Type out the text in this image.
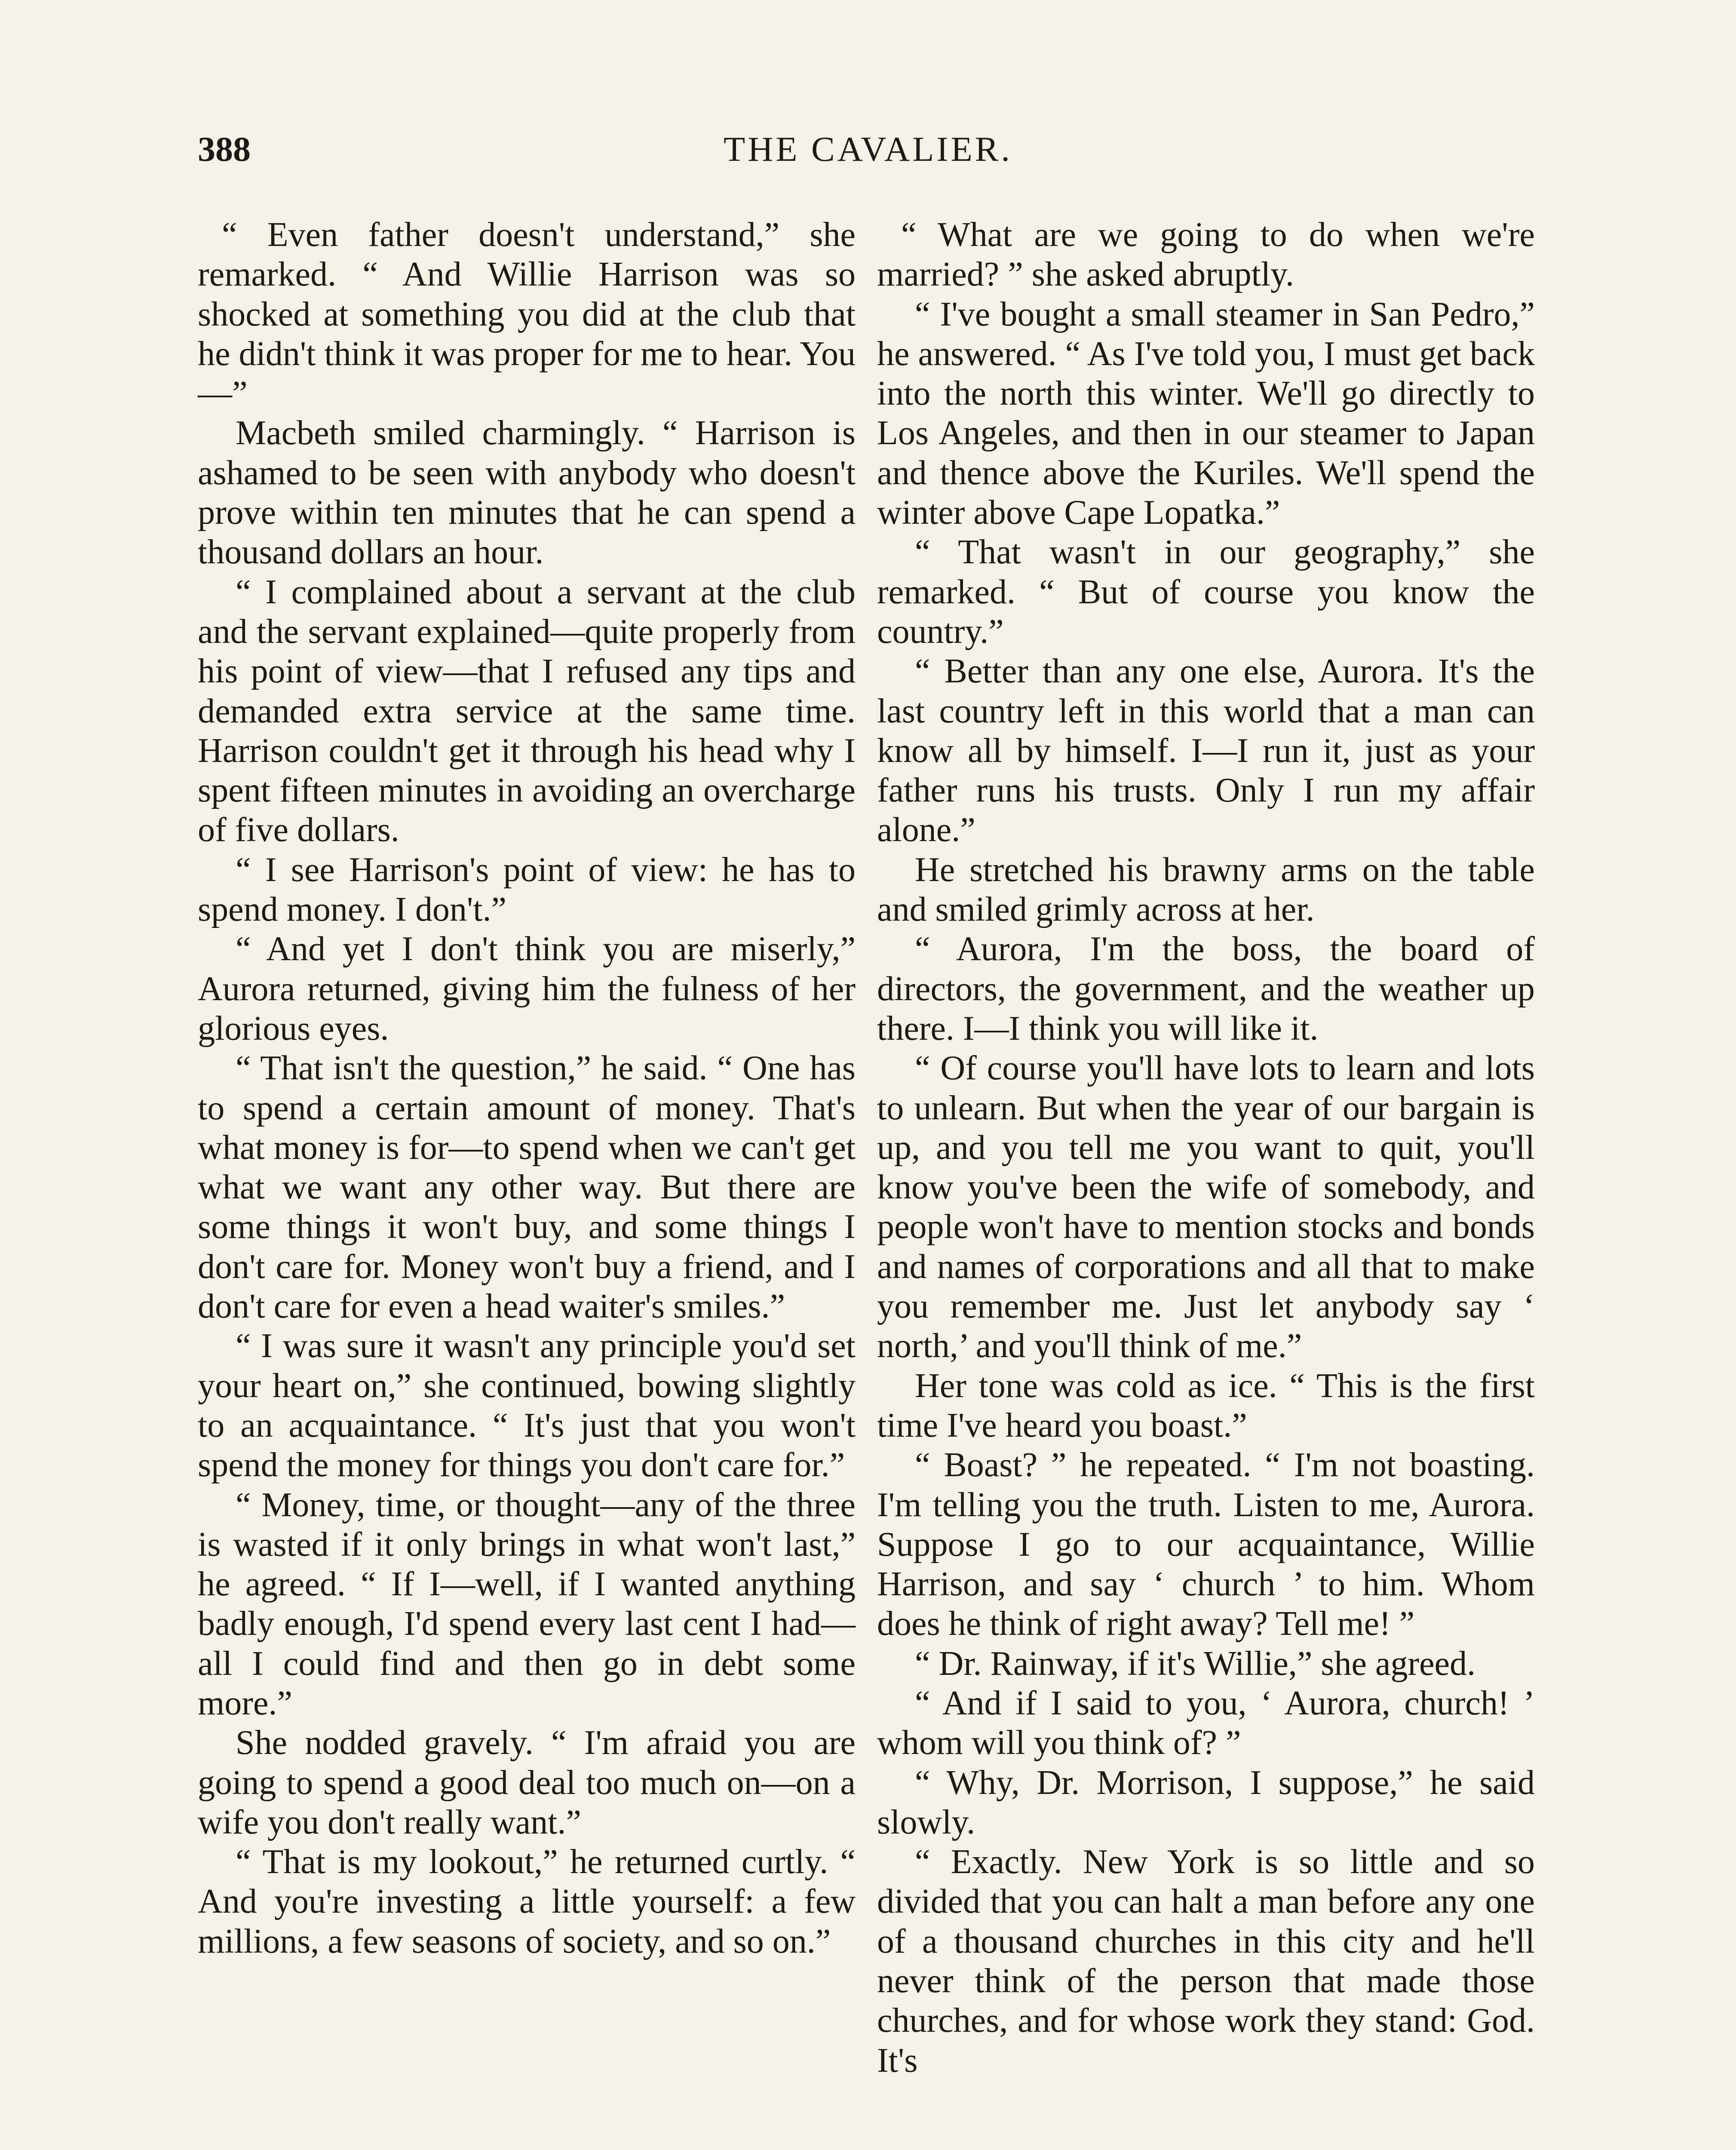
388	THE CAVALIER.

“ Even father doesn't understand,” she remarked. “ And Willie Harrison was so shocked at something you did at the club that he didn't think it was proper for me to hear. You—”

Macbeth smiled charmingly. “ Harrison is ashamed to be seen with anybody who doesn't prove within ten minutes that he can spend a thousand dollars an hour.

“ I complained about a servant at the club and the servant explained—quite properly from his point of view—that I refused any tips and demanded extra service at the same time. Harrison couldn't get it through his head why I spent fifteen minutes in avoiding an overcharge of five dollars.

“ I see Harrison's point of view: he has to spend money. I don't.”

“ And yet I don't think you are miserly,” Aurora returned, giving him the fulness of her glorious eyes.

“ That isn't the question,” he said. “ One has to spend a certain amount of money. That's what money is for—to spend when we can't get what we want any other way. But there are some things it won't buy, and some things I don't care for. Money won't buy a friend, and I don't care for even a head waiter's smiles.”

“ I was sure it wasn't any principle you'd set your heart on,” she continued, bowing slightly to an acquaintance. “ It's just that you won't spend the money for things you don't care for.”

“ Money, time, or thought—any of the three is wasted if it only brings in what won't last,” he agreed. “ If I—well, if I wanted anything badly enough, I'd spend every last cent I had—all I could find and then go in debt some more.”

She nodded gravely. “ I'm afraid you are going to spend a good deal too much on—on a wife you don't really want.”

“ That is my lookout,” he returned curtly. “ And you're investing a little yourself: a few millions, a few seasons of society, and so on.”

“ What are we going to do when we're married? ” she asked abruptly.

“ I've bought a small steamer in San Pedro,” he answered. “ As I've told you, I must get back into the north this winter. We'll go directly to Los Angeles, and then in our steamer to Japan and thence above the Kuriles. We'll spend the winter above Cape Lopatka.”

“ That wasn't in our geography,” she remarked. “ But of course you know the country.”

“ Better than any one else, Aurora. It's the last country left in this world that a man can know all by himself. I—I run it, just as your father runs his trusts. Only I run my affair alone.”

He stretched his brawny arms on the table and smiled grimly across at her.

“ Aurora, I'm the boss, the board of directors, the government, and the weather up there. I—I think you will like it.

“ Of course you'll have lots to learn and lots to unlearn. But when the year of our bargain is up, and you tell me you want to quit, you'll know you've been the wife of somebody, and people won't have to mention stocks and bonds and names of corporations and all that to make you remember me. Just let anybody say ‘ north,’ and you'll think of me.”

Her tone was cold as ice. “ This is the first time I've heard you boast.”

“ Boast? ” he repeated. “ I'm not boasting. I'm telling you the truth. Listen to me, Aurora. Suppose I go to our acquaintance, Willie Harrison, and say ‘ church ’ to him. Whom does he think of right away? Tell me! ”

“ Dr. Rainway, if it's Willie,” she agreed.

“ And if I said to you, ‘ Aurora, church! ’ whom will you think of? ”

“ Why, Dr. Morrison, I suppose,” he said slowly.

“ Exactly. New York is so little and so divided that you can halt a man before any one of a thousand churches in this city and he'll never think of the person that made those churches, and for whose work they stand: God. It's
